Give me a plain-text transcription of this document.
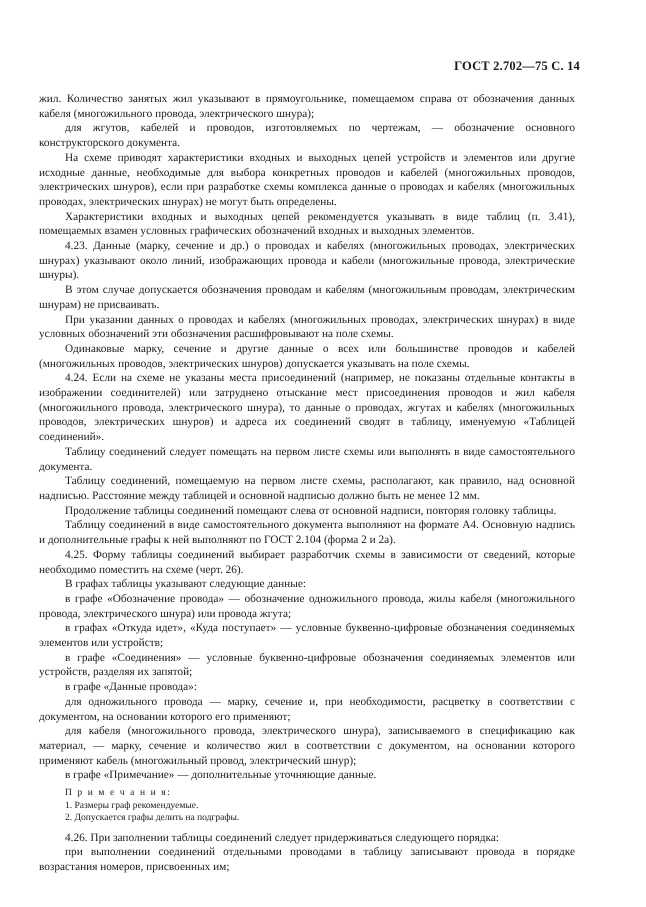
ГОСТ 2.702—75 С. 14

жил. Количество занятых жил указывают в прямоугольнике, помещаемом справа от обозначения данных кабеля (многожильного провода, электрического шнура);

для жгутов, кабелей и проводов, изготовляемых по чертежам, — обозначение основного конструкторского документа.

На схеме приводят характеристики входных и выходных цепей устройств и элементов или другие исходные данные, необходимые для выбора конкретных проводов и кабелей (многожильных проводов, электрических шнуров), если при разработке схемы комплекса данные о проводах и кабелях (многожильных проводах, электрических шнурах) не могут быть определены.

Характеристики входных и выходных цепей рекомендуется указывать в виде таблиц (п. 3.41), помещаемых взамен условных графических обозначений входных и выходных элементов.

4.23. Данные (марку, сечение и др.) о проводах и кабелях (многожильных проводах, электрических шнурах) указывают около линий, изображающих провода и кабели (многожильные провода, электрические шнуры).

В этом случае допускается обозначения проводам и кабелям (многожильным проводам, электрическим шнурам) не присваивать.

При указании данных о проводах и кабелях (многожильных проводах, электрических шнурах) в виде условных обозначений эти обозначения расшифровывают на поле схемы.

Одинаковые марку, сечение и другие данные о всех или большинстве проводов и кабелей (многожильных проводов, электрических шнуров) допускается указывать на поле схемы.

4.24. Если на схеме не указаны места присоединений (например, не показаны отдельные контакты в изображении соединителей) или затруднено отыскание мест присоединения проводов и жил кабеля (многожильного провода, электрического шнура), то данные о проводах, жгутах и кабелях (многожильных проводов, электрических шнуров) и адреса их соединений сводят в таблицу, именуемую «Таблицей соединений».

Таблицу соединений следует помещать на первом листе схемы или выполнять в виде самостоятельного документа.

Таблицу соединений, помещаемую на первом листе схемы, располагают, как правило, над основной надписью. Расстояние между таблицей и основной надписью должно быть не менее 12 мм.

Продолжение таблицы соединений помещают слева от основной надписи, повторяя головку таблицы.

Таблицу соединений в виде самостоятельного документа выполняют на формате А4. Основную надпись и дополнительные графы к ней выполняют по ГОСТ 2.104 (форма 2 и 2а).

4.25. Форму таблицы соединений выбирает разработчик схемы в зависимости от сведений, которые необходимо поместить на схеме (черт. 26).

В графах таблицы указывают следующие данные:

в графе «Обозначение провода» — обозначение одножильного провода, жилы кабеля (многожильного провода, электрического шнура) или провода жгута;

в графах «Откуда идет», «Куда поступает» — условные буквенно-цифровые обозначения соединяемых элементов или устройств;

в графе «Соединения» — условные буквенно-цифровые обозначения соединяемых элементов или устройств, разделяя их запятой;

в графе «Данные провода»:

для одножильного провода — марку, сечение и, при необходимости, расцветку в соответствии с документом, на основании которого его применяют;

для кабеля (многожильного провода, электрического шнура), записываемого в спецификацию как материал, — марку, сечение и количество жил в соответствии с документом, на основании которого применяют кабель (многожильный провод, электрический шнур);

в графе «Примечание» — дополнительные уточняющие данные.

П р и м е ч а н и я:

1. Размеры граф рекомендуемые.

2. Допускается графы делить на подграфы.

4.26. При заполнении таблицы соединений следует придерживаться следующего порядка:

при выполнении соединений отдельными проводами в таблицу записывают провода в порядке возрастания номеров, присвоенных им;
